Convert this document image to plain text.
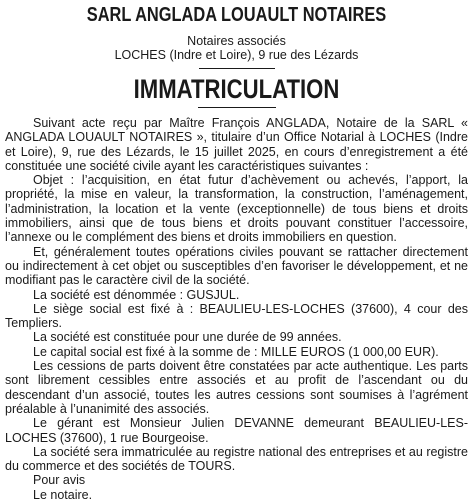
SARL ANGLADA LOUAULT NOTAIRES
Notaires associés
LOCHES (Indre et Loire), 9 rue des Lézards
IMMATRICULATION

Suivant acte reçu par Maître François ANGLADA, Notaire de la SARL « ANGLADA LOUAULT NOTAIRES », titulaire d’un Office Notarial à LOCHES (Indre et Loire), 9, rue des Lézards, le 15 juillet 2025, en cours d’enregistrement a été constituée une société civile ayant les caractéristiques suivantes :

Objet : l’acquisition, en état futur d’achèvement ou achevés, l’apport, la propriété, la mise en valeur, la transformation, la construction, l’aménagement, l’administration, la location et la vente (exceptionnelle) de tous biens et droits immobiliers, ainsi que de tous biens et droits pouvant constituer l’accessoire, l’annexe ou le complément des biens et droits immobiliers en question.

Et, généralement toutes opérations civiles pouvant se rattacher directement ou indirectement à cet objet ou susceptibles d’en favoriser le développement, et ne modifiant pas le caractère civil de la société.

La société est dénommée : GUSJUL.

Le siège social est fixé à : BEAULIEU-LES-LOCHES (37600), 4 cour des Templiers.

La société est constituée pour une durée de 99 années.

Le capital social est fixé à la somme de : MILLE EUROS (1 000,00 EUR).

Les cessions de parts doivent être constatées par acte authentique. Les parts sont librement cessibles entre associés et au profit de l’ascendant ou du descendant d’un associé, toutes les autres cessions sont soumises à l’agrément préalable à l’unanimité des associés.

Le gérant est Monsieur Julien DEVANNE demeurant BEAULIEU-LES-LOCHES (37600), 1 rue Bourgeoise.

La société sera immatriculée au registre national des entreprises et au registre du commerce et des sociétés de TOURS.

Pour avis

Le notaire.
